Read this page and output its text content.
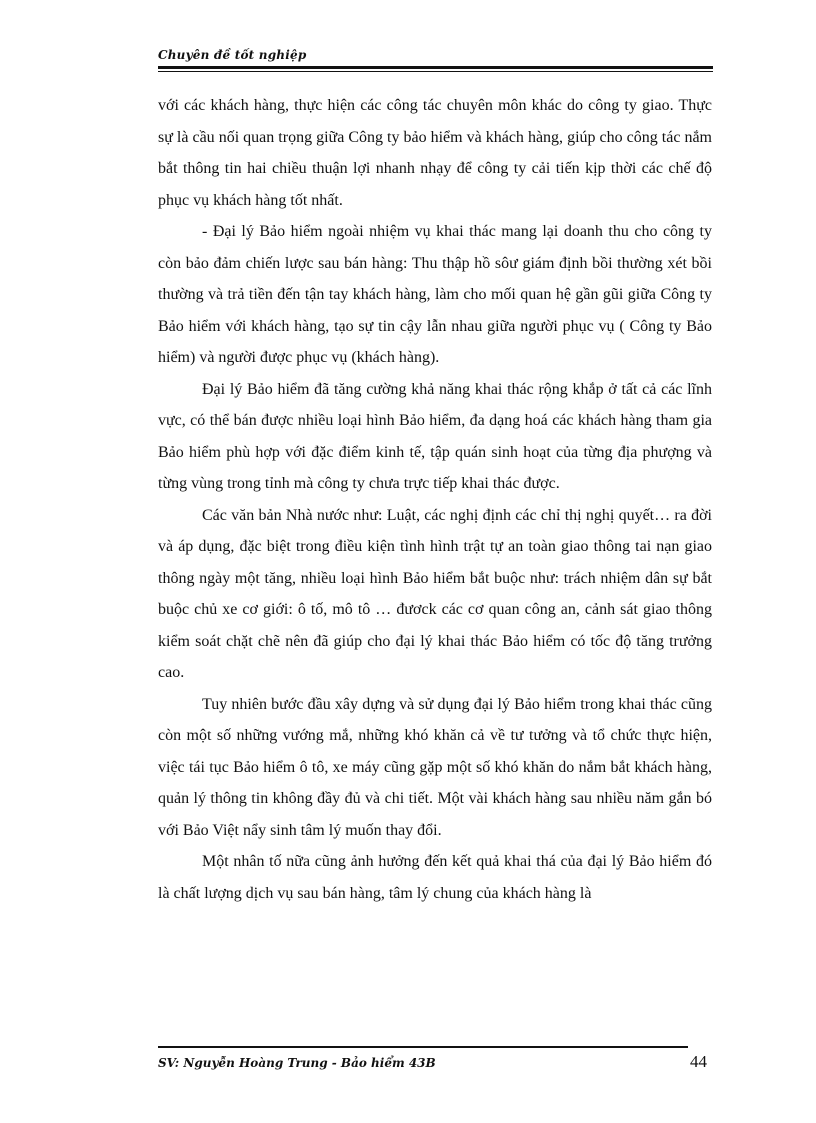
Chuyên đề tốt nghiệp

với các khách hàng, thực hiện các công tác chuyên môn khác do công ty giao. Thực sự là cầu nối quan trọng giữa Công ty bảo hiểm và khách hàng, giúp cho công tác nắm bắt thông tin hai chiều thuận lợi nhanh nhạy để công ty cải tiến kịp thời các chế độ phục vụ khách hàng tốt nhất.

- Đại lý Bảo hiểm ngoài nhiệm vụ khai thác mang lại doanh thu cho công ty còn bảo đảm chiến lược sau bán hàng: Thu thập hồ sôư giám định bồi thường xét bồi thường và trả tiền đến tận tay khách hàng, làm cho mối quan hệ gần gũi giữa Công ty Bảo hiểm với khách hàng, tạo sự tin cậy lẫn nhau giữa người phục vụ ( Công ty Bảo hiểm) và người được phục vụ (khách hàng).

Đại lý Bảo hiểm đã tăng cường khả năng khai thác rộng khắp ở tất cả các lĩnh vực, có thể bán được nhiều loại hình Bảo hiểm, đa dạng hoá các khách hàng tham gia Bảo hiểm phù hợp với đặc điểm kinh tế, tập quán sinh hoạt của từng địa phượng và từng vùng trong tỉnh mà công ty chưa trực tiếp khai thác được.

Các văn bản Nhà nước như: Luật, các nghị định các chỉ thị nghị quyết… ra đời và áp dụng, đặc biệt trong điều kiện tình hình trật tự an toàn giao thông tai nạn giao thông ngày một tăng, nhiều loại hình Bảo hiểm bắt buộc như: trách nhiệm dân sự bắt buộc chủ xe cơ giới: ô tố, mô tô … đươck các cơ quan công an, cảnh sát giao thông kiểm soát chặt chẽ nên đã giúp cho đại lý khai thác Bảo hiểm có tốc độ tăng trưởng cao.

Tuy nhiên bước đầu xây dựng và sử dụng đại lý Bảo hiểm trong khai thác cũng còn một số những vướng mắ, những khó khăn cả về tư tưởng và tổ chức thực hiện, việc tái tục Bảo hiểm ô tô, xe máy cũng gặp một số khó khăn do nắm bắt khách hàng, quản lý thông tin không đầy đủ và chi tiết. Một vài khách hàng sau nhiều năm gắn bó với Bảo Việt nẩy sinh tâm lý muốn thay đổi.

Một nhân tố nữa cũng ảnh hưởng đến kết quả khai thá của đại lý Bảo hiểm đó là chất lượng dịch vụ sau bán hàng, tâm lý chung của khách hàng là

SV: Nguyễn Hoàng Trung - Bảo hiểm 43B	44
